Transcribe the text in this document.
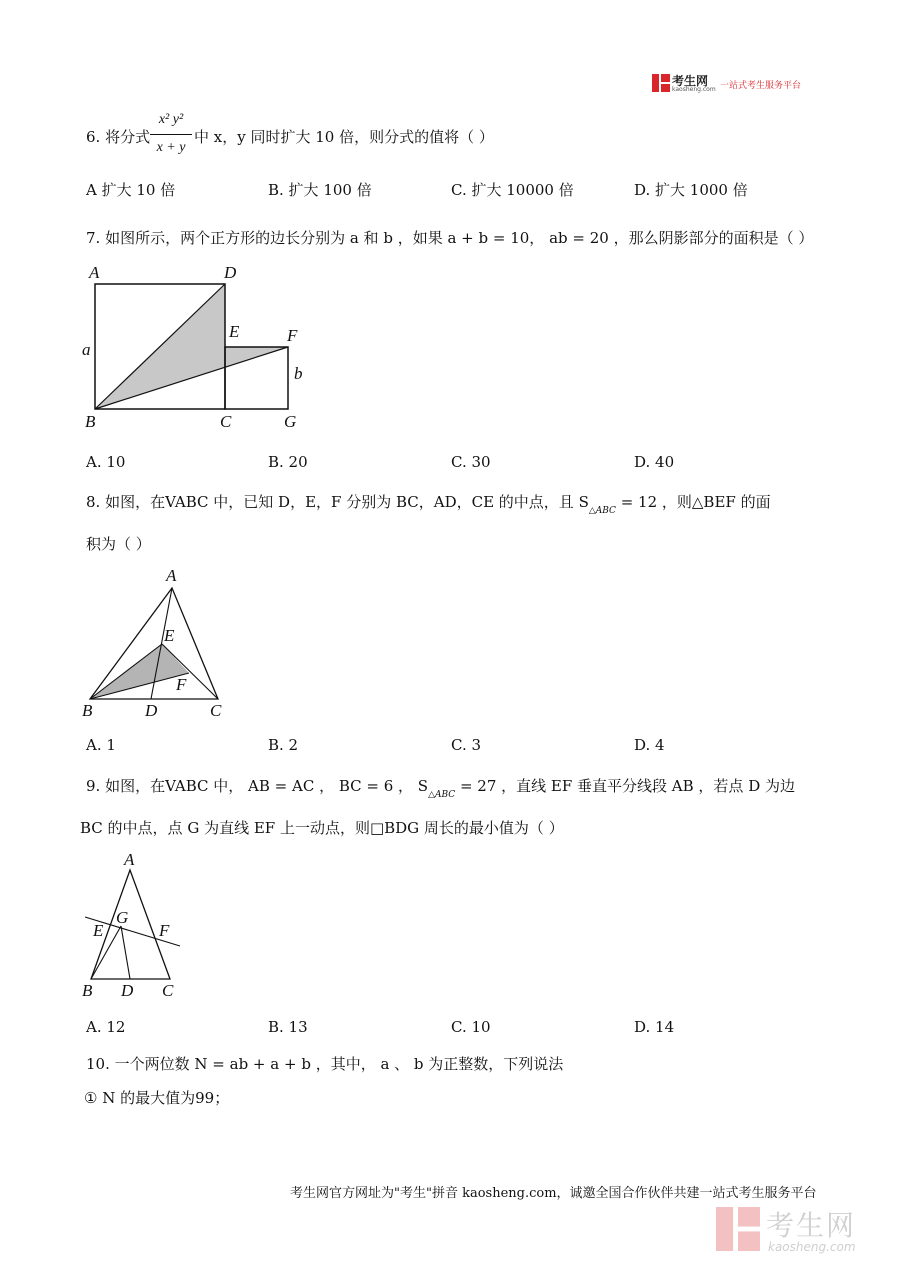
考生网
kaosheng.com 一站式考生服务平台
6. 将分式
x² y²
x + y
中 x，y 同时扩大 10 倍，则分式的值将（ ）
A 扩大 10 倍	B. 扩大 100 倍	C. 扩大 10000 倍	D. 扩大 1000 倍
7. 如图所示，两个正方形的边长分别为 a 和 b ，如果 a + b = 10， ab = 20 ，那么阴影部分的面积是（ ）
A	D
E	F
a
b
B	C	G
A. 10	B. 20	C. 30	D. 40
8. 如图，在VABC 中，已知 D，E，F 分别为 BC，AD，CE 的中点，且 $S_{\triangle ABC} = 12$ ，则△BEF 的面
积为（ ）
A
E
F
B	D	C
A. 1	B. 2	C. 3	D. 4
9. 如图，在VABC 中， AB = AC ， BC = 6 ， $S_{\triangle ABC} = 27$ ，直线 EF 垂直平分线段 AB ，若点 D 为边
BC 的中点，点 G 为直线 EF 上一动点，则□BDG 周长的最小值为（ ）
A
G
E	F
B D C
A. 12	B. 13	C. 10	D. 14
10. 一个两位数 N = ab + a + b ，其中， a 、 b 为正整数，下列说法
① N 的最大值为99；
考生网官方网址为"考生"拼音 kaosheng.com，诚邀全国合作伙伴共建一站式考生服务平台
考生网
kaosheng.com
